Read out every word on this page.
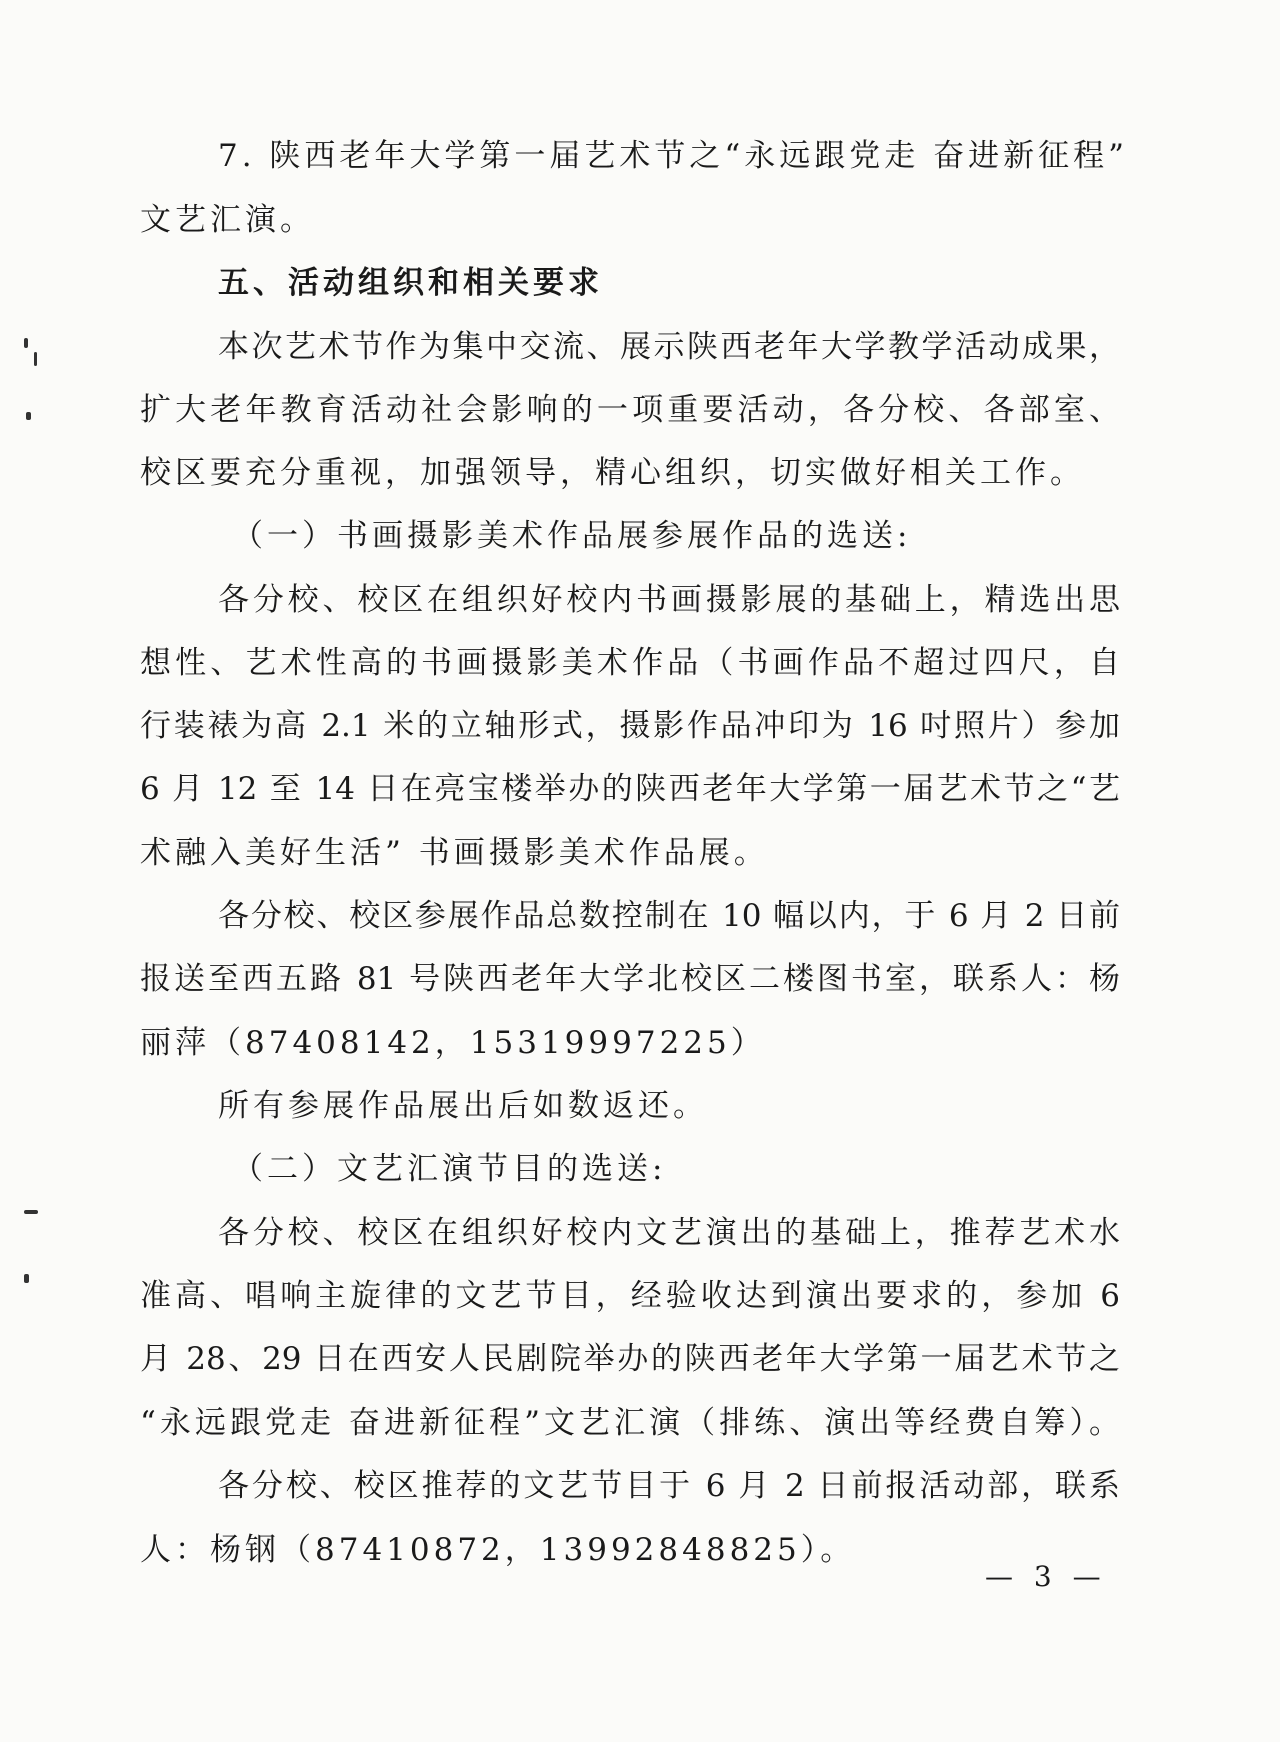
7. 陕西老年大学第一届艺术节之“永远跟党走 奋进新征程”
文艺汇演。
五、活动组织和相关要求
本次艺术节作为集中交流、展示陕西老年大学教学活动成果，
扩大老年教育活动社会影响的一项重要活动，各分校、各部室、
校区要充分重视，加强领导，精心组织，切实做好相关工作。
（一）书画摄影美术作品展参展作品的选送:
各分校、校区在组织好校内书画摄影展的基础上，精选出思
想性、艺术性高的书画摄影美术作品（书画作品不超过四尺，自
行装裱为高 2.1 米的立轴形式，摄影作品冲印为 16 吋照片）参加
6 月 12 至 14 日在亮宝楼举办的陕西老年大学第一届艺术节之“艺
术融入美好生活” 书画摄影美术作品展。
各分校、校区参展作品总数控制在 10 幅以内，于 6 月 2 日前
报送至西五路 81 号陕西老年大学北校区二楼图书室，联系人：杨
丽萍（87408142，15319997225）
所有参展作品展出后如数返还。
（二）文艺汇演节目的选送:
各分校、校区在组织好校内文艺演出的基础上，推荐艺术水
准高、唱响主旋律的文艺节目，经验收达到演出要求的，参加 6
月 28、29 日在西安人民剧院举办的陕西老年大学第一届艺术节之
“永远跟党走 奋进新征程”文艺汇演（排练、演出等经费自筹）。
各分校、校区推荐的文艺节目于 6 月 2 日前报活动部，联系
人：杨钢（87410872，13992848825）。
— 3 —
